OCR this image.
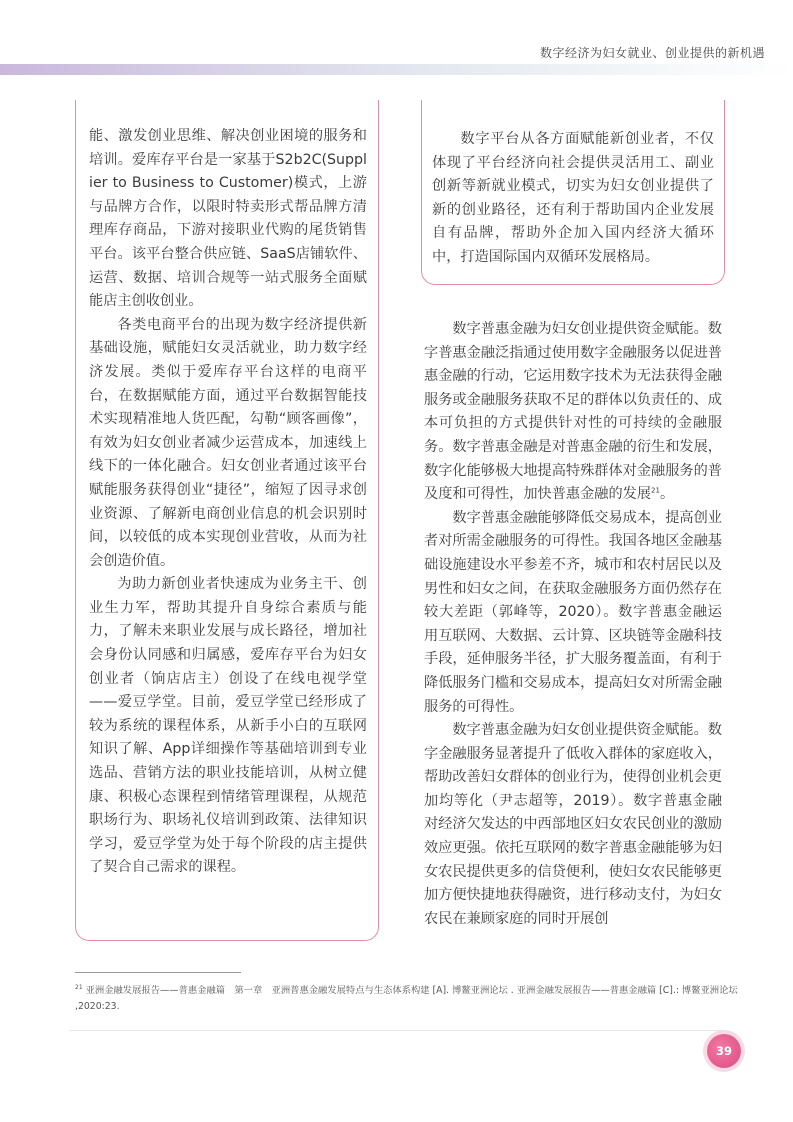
数字经济为妇女就业、创业提供的新机遇

能、激发创业思维、解决创业困境的服务和培训。爱库存平台是一家基于S2b2C(Supplier to Business to Customer)模式，上游与品牌方合作，以限时特卖形式帮品牌方清理库存商品，下游对接职业代购的尾货销售平台。该平台整合供应链、SaaS店铺软件、运营、数据、培训合规等一站式服务全面赋能店主创收创业。

各类电商平台的出现为数字经济提供新基础设施，赋能妇女灵活就业，助力数字经济发展。类似于爱库存平台这样的电商平台，在数据赋能方面，通过平台数据智能技术实现精准地人货匹配，勾勒“顾客画像”，有效为妇女创业者减少运营成本，加速线上线下的一体化融合。妇女创业者通过该平台赋能服务获得创业“捷径”，缩短了因寻求创业资源、了解新电商创业信息的机会识别时间，以较低的成本实现创业营收，从而为社会创造价值。

为助力新创业者快速成为业务主干、创业生力军，帮助其提升自身综合素质与能力，了解未来职业发展与成长路径，增加社会身份认同感和归属感，爱库存平台为妇女创业者（饷店店主）创设了在线电视学堂——爱豆学堂。目前，爱豆学堂已经形成了较为系统的课程体系，从新手小白的互联网知识了解、App详细操作等基础培训到专业选品、营销方法的职业技能培训，从树立健康、积极心态课程到情绪管理课程，从规范职场行为、职场礼仪培训到政策、法律知识学习，爱豆学堂为处于每个阶段的店主提供了契合自己需求的课程。

数字平台从各方面赋能新创业者，不仅体现了平台经济向社会提供灵活用工、副业创新等新就业模式，切实为妇女创业提供了新的创业路径，还有利于帮助国内企业发展自有品牌，帮助外企加入国内经济大循环中，打造国际国内双循环发展格局。

数字普惠金融为妇女创业提供资金赋能。数字普惠金融泛指通过使用数字金融服务以促进普惠金融的行动，它运用数字技术为无法获得金融服务或金融服务获取不足的群体以负责任的、成本可负担的方式提供针对性的可持续的金融服务。数字普惠金融是对普惠金融的衍生和发展，数字化能够极大地提高特殊群体对金融服务的普及度和可得性，加快普惠金融的发展$^{21}$。

数字普惠金融能够降低交易成本，提高创业者对所需金融服务的可得性。我国各地区金融基础设施建设水平参差不齐，城市和农村居民以及男性和妇女之间，在获取金融服务方面仍然存在较大差距（郭峰等，2020）。数字普惠金融运用互联网、大数据、云计算、区块链等金融科技手段，延伸服务半径，扩大服务覆盖面，有利于降低服务门槛和交易成本，提高妇女对所需金融服务的可得性。

数字普惠金融为妇女创业提供资金赋能。数字金融服务显著提升了低收入群体的家庭收入，帮助改善妇女群体的创业行为，使得创业机会更加均等化（尹志超等，2019）。数字普惠金融对经济欠发达的中西部地区妇女农民创业的激励效应更强。依托互联网的数字普惠金融能够为妇女农民提供更多的信贷便利，使妇女农民能够更加方便快捷地获得融资，进行移动支付，为妇女农民在兼顾家庭的同时开展创

$^{21}$ 亚洲金融发展报告——普惠金融篇　第一章　亚洲普惠金融发展特点与生态体系构建 [A]. 博鳌亚洲论坛 . 亚洲金融发展报告——普惠金融篇 [C].: 博鳌亚洲论坛 ,2020:23.
39
